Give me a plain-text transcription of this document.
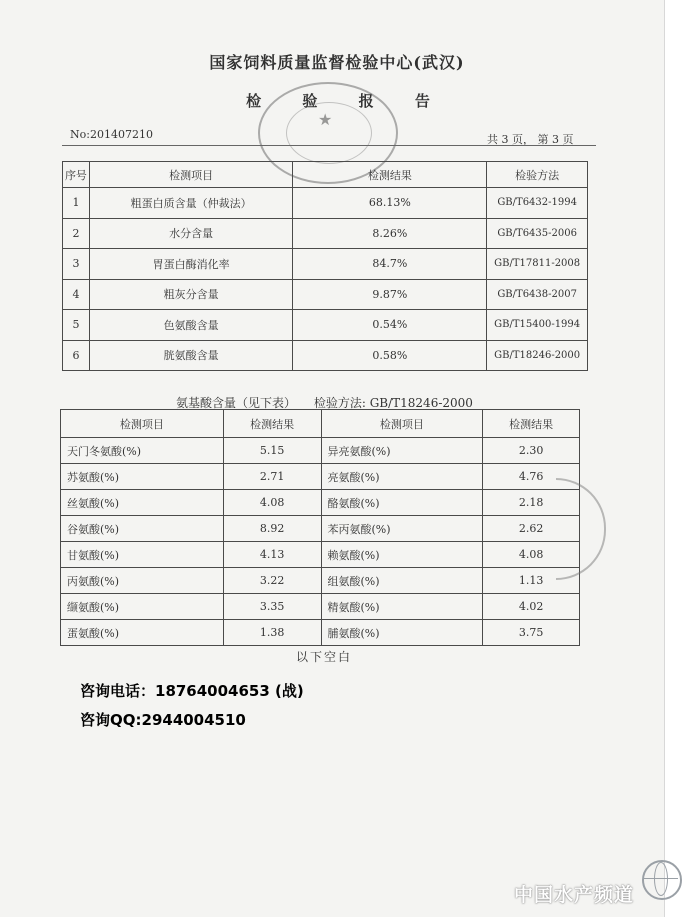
国家饲料质量监督检验中心(武汉)
检 验 报 告
★
No:201407210	共 3 页， 第 3 页
序号	检测项目	检测结果	检验方法
1	粗蛋白质含量（仲裁法）	68.13%	GB/T6432-1994
2	水分含量	8.26%	GB/T6435-2006
3	胃蛋白酶消化率	84.7%	GB/T17811-2008
4	粗灰分含量	9.87%	GB/T6438-2007
5	色氨酸含量	0.54%	GB/T15400-1994
6	胱氨酸含量	0.58%	GB/T18246-2000
氨基酸含量（见下表） 检验方法: GB/T18246-2000
检测项目	检测结果	检测项目	检测结果
天门冬氨酸(%)	5.15	异亮氨酸(%)	2.30
苏氨酸(%)	2.71	亮氨酸(%)	4.76
丝氨酸(%)	4.08	酪氨酸(%)	2.18
谷氨酸(%)	8.92	苯丙氨酸(%)	2.62
甘氨酸(%)	4.13	赖氨酸(%)	4.08
丙氨酸(%)	3.22	组氨酸(%)	1.13
缬氨酸(%)	3.35	精氨酸(%)	4.02
蛋氨酸(%)	1.38	脯氨酸(%)	3.75
以下空白
咨询电话：18764004653 (战)
咨询QQ:2944004510
中国水产频道
